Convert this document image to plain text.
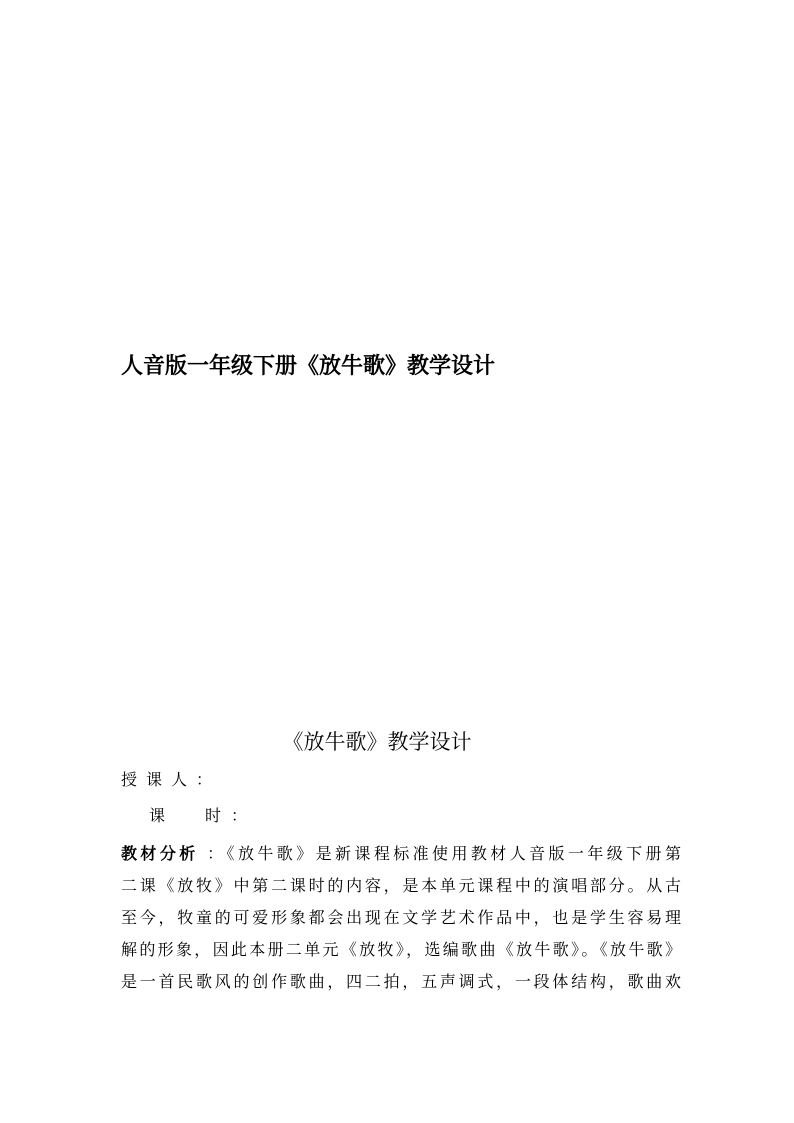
人音版一年级下册《放牛歌》教学设计
《放牛歌》教学设计
授课人：
课 时 ：
教材分析 ：《放牛歌》是新课程标准使用教材人音版一年级下册第
二课《放牧》中第二课时的内容，是本单元课程中的演唱部分。从古
至今，牧童的可爱形象都会出现在文学艺术作品中，也是学生容易理
解的形象，因此本册二单元《放牧》，选编歌曲《放牛歌》。《放牛歌》
是一首民歌风的创作歌曲，四二拍，五声调式，一段体结构，歌曲欢
